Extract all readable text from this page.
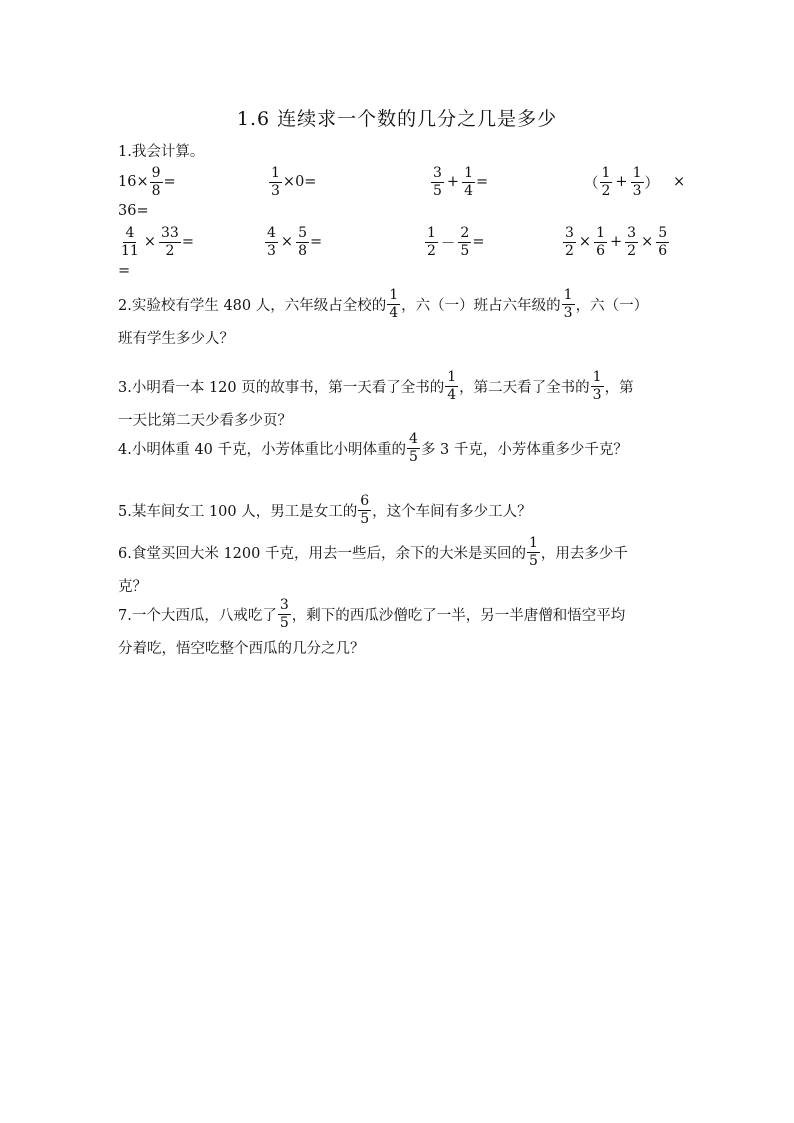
1.6 连续求一个数的几分之几是多少
1.我会计算。
$16\times \frac{9}{8}$ =	$\frac{1}{3} \times 0=$	$\frac{3}{5} + \frac{1}{4}$ =	（ $\frac{1}{2} + \frac{1}{3}$ ） ×
36=
$\frac{4}{11} \times \frac{33}{2}$ =	$\frac{4}{3} \times \frac{5}{8}$ =	$\frac{1}{2} - \frac{2}{5}$ =	$\frac{3}{2} \times \frac{1}{6} + \frac{3}{2} \times \frac{5}{6}$
=
2.实验校有学生 480 人，六年级占全校的 $\frac{1}{4}$ ，六（一）班占六年级的 $\frac{1}{3}$ ，六（一）
班有学生多少人？
3.小明看一本 120 页的故事书，第一天看了全书的 $\frac{1}{4}$ ，第二天看了全书的 $\frac{1}{3}$ ，第
一天比第二天少看多少页？
4.小明体重 40 千克，小芳体重比小明体重的 $\frac{4}{5}$ 多 3 千克，小芳体重多少千克？
5.某车间女工 100 人，男工是女工的 $\frac{6}{5}$ ，这个车间有多少工人？
6.食堂买回大米 1200 千克，用去一些后，余下的大米是买回的 $\frac{1}{5}$ ，用去多少千
克？
7.一个大西瓜，八戒吃了 $\frac{3}{5}$ ，剩下的西瓜沙僧吃了一半，另一半唐僧和悟空平均
分着吃，悟空吃整个西瓜的几分之几？
